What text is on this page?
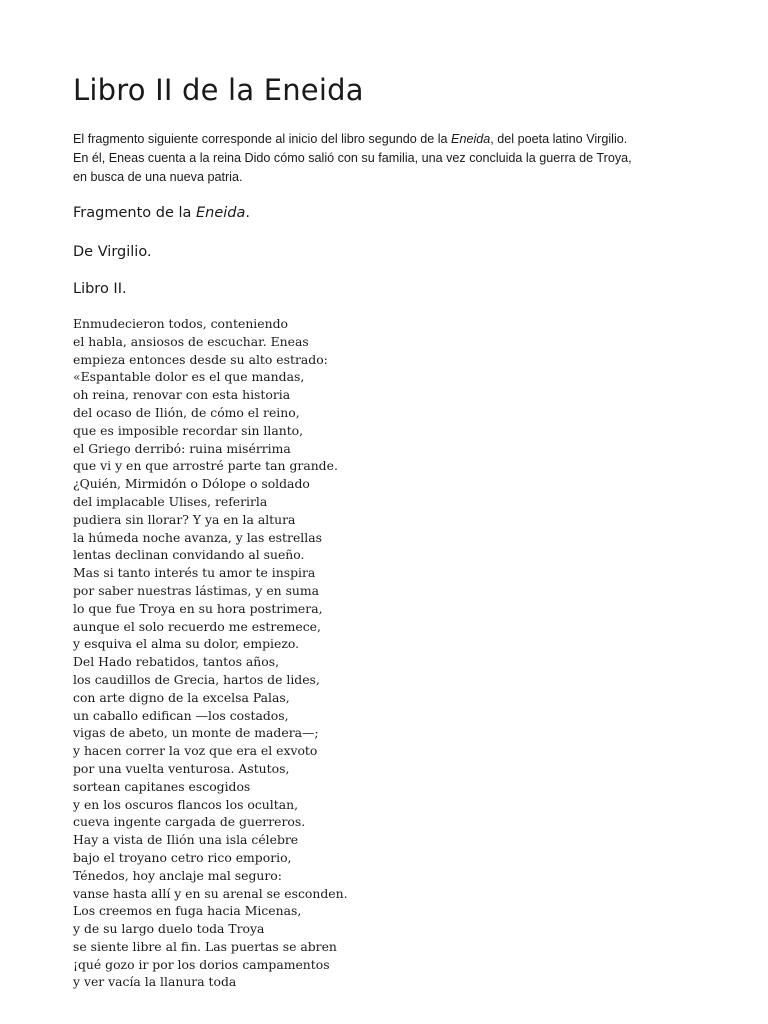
Libro II de la Eneida

El fragmento siguiente corresponde al inicio del libro segundo de la Eneida, del poeta latino Virgilio.
En él, Eneas cuenta a la reina Dido cómo salió con su familia, una vez concluida la guerra de Troya,
en busca de una nueva patria.

Fragmento de la Eneida.
De Virgilio.
Libro II.
Enmudecieron todos, conteniendo
el habla, ansiosos de escuchar. Eneas
empieza entonces desde su alto estrado:
«Espantable dolor es el que mandas,
oh reina, renovar con esta historia
del ocaso de Ilión, de cómo el reino,
que es imposible recordar sin llanto,
el Griego derribó: ruina misérrima
que vi y en que arrostré parte tan grande.
¿Quién, Mirmidón o Dólope o soldado
del implacable Ulises, referirla
pudiera sin llorar? Y ya en la altura
la húmeda noche avanza, y las estrellas
lentas declinan convidando al sueño.
Mas si tanto interés tu amor te inspira
por saber nuestras lástimas, y en suma
lo que fue Troya en su hora postrimera,
aunque el solo recuerdo me estremece,
y esquiva el alma su dolor, empiezo.
Del Hado rebatidos, tantos años,
los caudillos de Grecia, hartos de lides,
con arte digno de la excelsa Palas,
un caballo edifican —los costados,
vigas de abeto, un monte de madera—;
y hacen correr la voz que era el exvoto
por una vuelta venturosa. Astutos,
sortean capitanes escogidos
y en los oscuros flancos los ocultan,
cueva ingente cargada de guerreros.
Hay a vista de Ilión una isla célebre
bajo el troyano cetro rico emporio,
Ténedos, hoy anclaje mal seguro:
vanse hasta allí y en su arenal se esconden.
Los creemos en fuga hacia Micenas,
y de su largo duelo toda Troya
se siente libre al fin. Las puertas se abren
¡qué gozo ir por los dorios campamentos
y ver vacía la llanura toda
